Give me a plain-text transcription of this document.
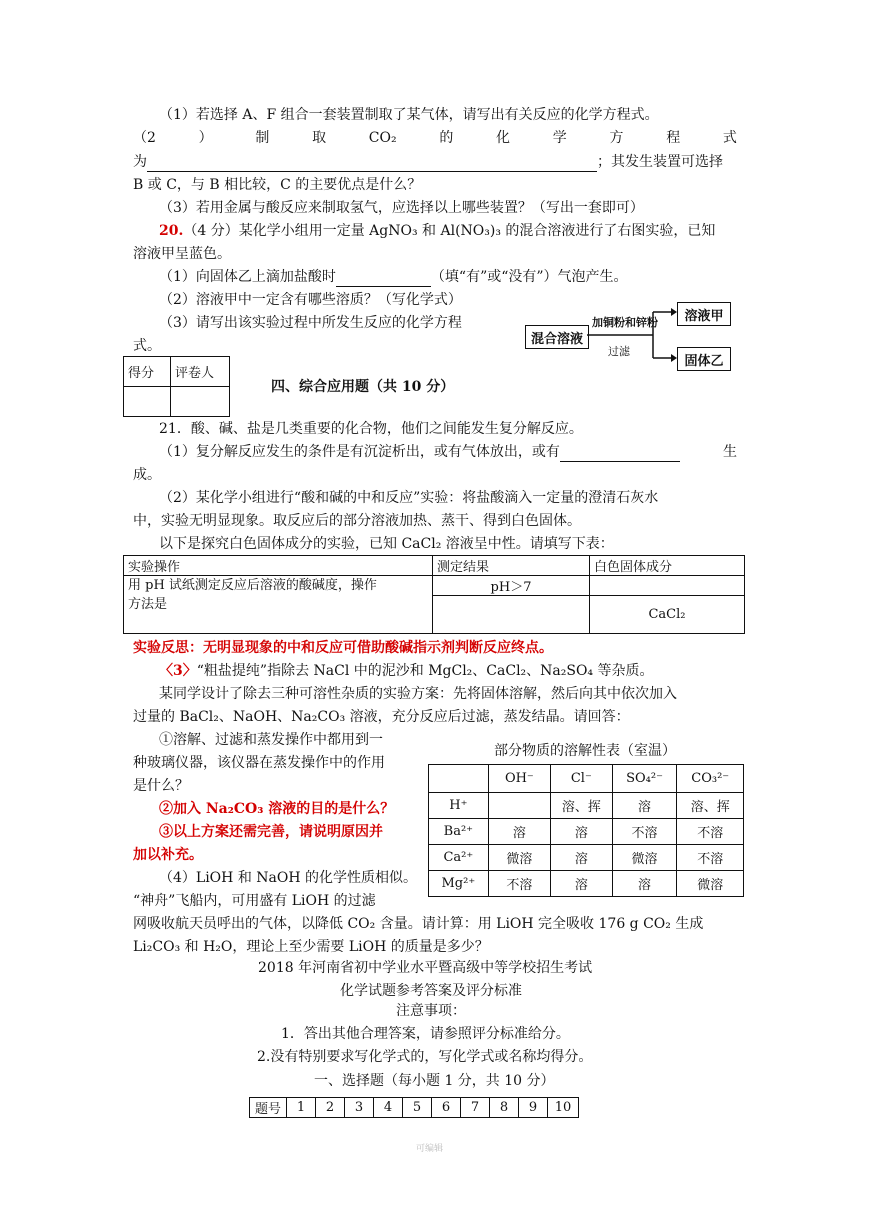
（1）若选择 A、F 组合一套装置制取了某气体，请写出有关反应的化学方程式。
（2	）	制	取	CO₂	的	化	学	方	程	式
为	；其发生装置可选择
B 或 C，与 B 相比较，C 的主要优点是什么？
（3）若用金属与酸反应来制取氢气，应选择以上哪些装置？（写出一套即可）
20.（4 分）某化学小组用一定量 AgNO₃ 和 Al(NO₃)₃ 的混合溶液进行了右图实验，已知
溶液甲呈蓝色。
（1）向固体乙上滴加盐酸时	（填“有”或“没有”）气泡产生。
（2）溶液甲中一定含有哪些溶质？（写化学式）
（3）请写出该实验过程中所发生反应的化学方程
式。	混合溶液
加铜粉和锌粉
过滤
溶液甲
固体乙
得分	评卷人

四、综合应用题（共 10 分）
21．酸、碱、盐是几类重要的化合物，他们之间能发生复分解反应。
（1）复分解反应发生的条件是有沉淀析出，或有气体放出，或有	生
成。
（2）某化学小组进行“酸和碱的中和反应”实验：将盐酸滴入一定量的澄清石灰水
中，实验无明显现象。取反应后的部分溶液加热、蒸干、得到白色固体。
以下是探究白色固体成分的实验，已知 CaCl₂ 溶液呈中性。请填写下表：
实验操作	测定结果	白色固体成分

用 pH 试纸测定反应后溶液的酸碱度，操作
方法是	pH＞7	
		CaCl₂
实验反思：无明显现象的中和反应可借助酸碱指示剂判断反应终点。
〈3〉“粗盐提纯”指除去 NaCl 中的泥沙和 MgCl₂、CaCl₂、Na₂SO₄ 等杂质。
某同学设计了除去三种可溶性杂质的实验方案：先将固体溶解，然后向其中依次加入
过量的 BaCl₂、NaOH、Na₂CO₃ 溶液，充分反应后过滤，蒸发结晶。请回答：
①溶解、过滤和蒸发操作中都用到一
种玻璃仪器，该仪器在蒸发操作中的作用
是什么？
②加入 Na₂CO₃ 溶液的目的是什么？
③以上方案还需完善，请说明原因并
加以补充。
（4）LiOH 和 NaOH 的化学性质相似。
“神舟”飞船内，可用盛有 LiOH 的过滤
网吸收航天员呼出的气体，以降低 CO₂ 含量。请计算：用 LiOH 完全吸收 176 g CO₂ 生成
Li₂CO₃ 和 H₂O，理论上至少需要 LiOH 的质量是多少？
部分物质的溶解性表（室温）
	OH⁻	Cl⁻	SO₄²⁻	CO₃²⁻
H⁺		溶、挥	溶	溶、挥
Ba²⁺	溶	溶	不溶	不溶
Ca²⁺	微溶	溶	微溶	不溶
Mg²⁺	不溶	溶	溶	微溶
2018 年河南省初中学业水平暨高级中等学校招生考试
化学试题参考答案及评分标准
注意事项：
1．答出其他合理答案，请参照评分标准给分。
2.没有特别要求写化学式的，写化学式或名称均得分。
一、选择题（每小题 1 分，共 10 分）
题号	1	2	3	4	5	6	7	8	9	10
可编辑
